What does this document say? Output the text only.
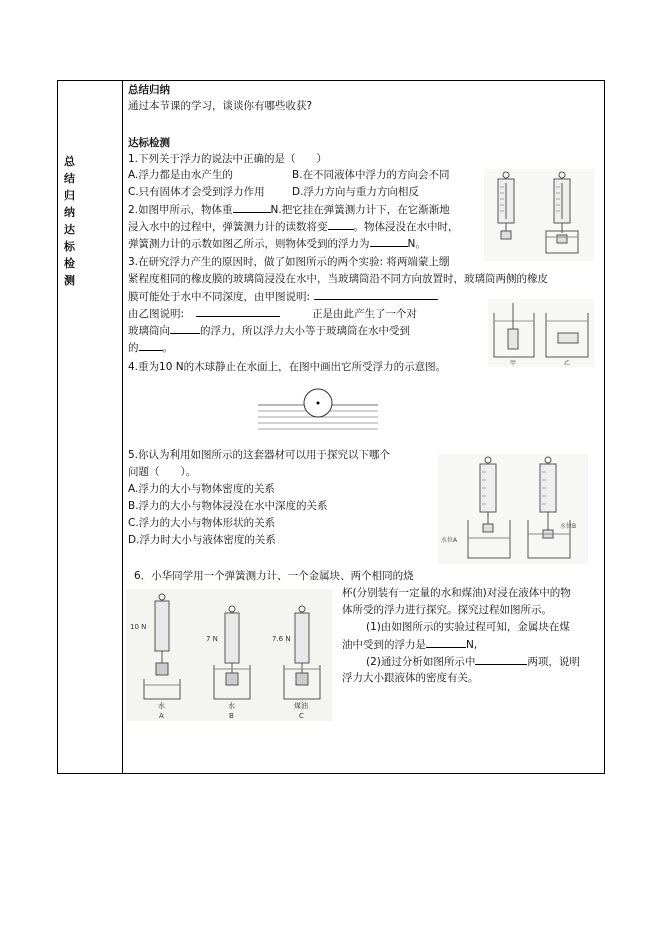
总结
归纳
达标
检测
总结归纳
通过本节课的学习，谈谈你有哪些收获?
达标检测
1.下列关于浮力的说法中正确的是（　　）
A.浮力都是由水产生的	B.在不同液体中浮力的方向会不同
C.只有固体才会受到浮力作用	D.浮力方向与重力方向相反
2.如图甲所示，物体重	N.把它挂在弹簧测力计下，在它渐渐地
浸入水中的过程中，弹簧测力计的读数将变 。物体浸没在水中时，
弹簧测力计的示数如图乙所示，则物体受到的浮力为	N。
3.在研究浮力产生的原因时，做了如图所示的两个实验: 将两端蒙上绷
紧程度相同的橡皮膜的玻璃筒浸没在水中，当玻璃筒沿不同方向放置时，玻璃筒两侧的橡皮
膜可能处于水中不同深度，由甲图说明:
由乙图说明:	正是由此产生了一个对
玻璃筒向	的浮力，所以浮力大小等于玻璃筒在水中受到
的 。
甲	乙
4.重为10 N的木球静止在水面上，在图中画出它所受浮力的示意图。
5.你认为利用如图所示的这套器材可以用于探究以下哪个
问题（　　）。
A.浮力的大小与物体密度的关系
B.浮力的大小与物体浸没在水中深度的关系
C.浮力的大小与物体形状的关系
D.浮力时大小与液体密度的关系	水位A
水位B
6．小华同学用一个弹簧测力计、一个金属块、两个相同的烧
杯(分别装有一定量的水和煤油)对浸在液体中的物
体所受的浮力进行探究。探究过程如图所示。
(1)由如图所示的实验过程可知，金属块在煤
油中受到的浮力是	N,
(2)通过分析如图所示中	两项，说明
浮力大小跟液体的密度有关。
10 N
7 N	7.6 N
水	水	煤油
A	B	C
